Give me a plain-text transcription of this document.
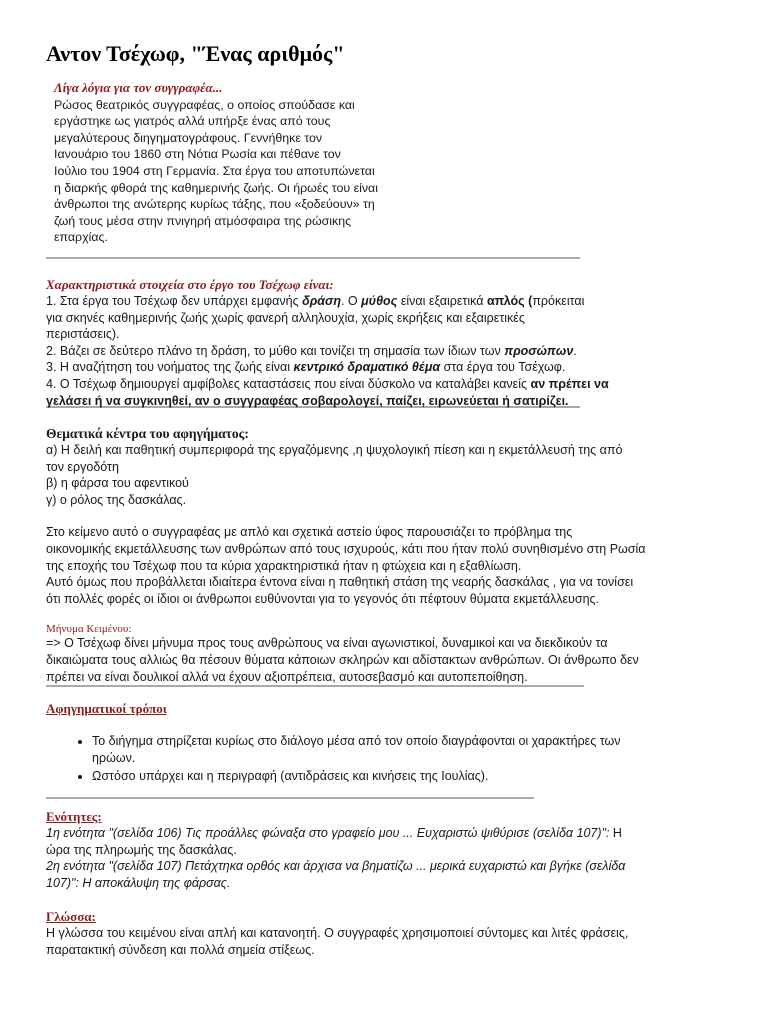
Αντον Τσέχωφ, "Ένας αριθμός"
Λίγα λόγια για τον συγγραφέα...
Ρώσος θεατρικός συγγραφέας, ο οποίος σπούδασε και
εργάστηκε ως γιατρός αλλά υπήρξε ένας από τους
μεγαλύτερους διηγηματογράφους. Γεννήθηκε τον
Ιανουάριο του 1860 στη Νότια Ρωσία και πέθανε τον
Ιούλιο του 1904 στη Γερμανία. Στα έργα του αποτυπώνεται
η διαρκής φθορά της καθημερινής ζωής. Οι ήρωές του είναι
άνθρωποι της ανώτερης κυρίως τάξης, που «ξοδεύουν» τη
ζωή τους μέσα στην πνιγηρή ατμόσφαιρα της ρώσικης
επαρχίας.
Χαρακτηριστικά στοιχεία στο έργο του Τσέχωφ είναι:

1. Στα έργα του Τσέχωφ δεν υπάρχει εμφανής δράση. Ο μύθος είναι εξαιρετικά απλός (πρόκειται

για σκηνές καθημερινής ζωής χωρίς φανερή αλληλουχία, χωρίς εκρήξεις και εξαιρετικές

περιστάσεις).

2. Βάζει σε δεύτερο πλάνο τη δράση, το μύθο και τονίζει τη σημασία των ίδιων των προσώπων.

3. Η αναζήτηση του νοήματος της ζωής είναι κεντρικό δραματικό θέμα στα έργα του Τσέχωφ.

4. Ο Τσέχωφ δημιουργεί αμφίβολες καταστάσεις που είναι δύσκολο να καταλάβει κανείς αν πρέπει να

γελάσει ή να συγκινηθεί, αν ο συγγραφέας σοβαρολογεί, παίζει, ειρωνεύεται ή σατιρίζει.

Θεματικά κέντρα του αφηγήματος:

α) Η δειλή και παθητική συμπεριφορά της εργαζόμενης ,η ψυχολογική πίεση και η εκμετάλλευσή της από

τον εργοδότη

β) η φάρσα του αφεντικού

γ) ο ρόλος της δασκάλας.

Στο κείμενο αυτό ο συγγραφέας με απλό και σχετικά αστείο ύφος παρουσιάζει το πρόβλημα της

οικονομικής εκμετάλλευσης των ανθρώπων από τους ισχυρούς, κάτι που ήταν πολύ συνηθισμένο στη Ρωσία

της εποχής του Τσέχωφ που τα κύρια χαρακτηριστικά ήταν η φτώχεια και η εξαθλίωση.

Αυτό όμως που προβάλλεται ιδιαίτερα έντονα είναι η παθητική στάση της νεαρής δασκάλας , για να τονίσει

ότι πολλές φορές οι ίδιοι οι άνθρωποι ευθύνονται για το γεγονός ότι πέφτουν θύματα εκμετάλλευσης.

Μήνυμα Κειμένου:

=> Ο Τσέχωφ δίνει μήνυμα προς τους ανθρώπους να είναι αγωνιστικοί, δυναμικοί και να διεκδικούν τα

δικαιώματα τους αλλιώς θα πέσουν θύματα κάποιων σκληρών και αδίστακτων ανθρώπων. Οι άνθρωπο δεν

πρέπει να είναι δουλικοί αλλά να έχουν αξιοπρέπεια, αυτοσεβασμό και αυτοπεποίθηση.

Αφηγηματικοί τρόποι
• Το διήγημα στηρίζεται κυρίως στο διάλογο μέσα από τον οποίο διαγράφονται οι χαρακτήρες των
ηρώων.
• Ωστόσο υπάρχει και η περιγραφή (αντιδράσεις και κινήσεις της Ιουλίας).
Ενότητες:

1η ενότητα "(σελίδα 106) Τις προάλλες φώναξα στο γραφείο μου ... Ευχαριστώ ψιθύρισε (σελίδα 107)": Η

ώρα της πληρωμής της δασκάλας.

2η ενότητα "(σελίδα 107) Πετάχτηκα ορθός και άρχισα να βηματίζω ... μερικά ευχαριστώ και βγήκε (σελίδα

107)": Η αποκάλυψη της φάρσας.

Γλώσσα:

Η γλώσσα του κειμένου είναι απλή και κατανοητή. Ο συγγραφές χρησιμοποιεί σύντομες και λιτές φράσεις,

παρατακτική σύνδεση και πολλά σημεία στίξεως.
